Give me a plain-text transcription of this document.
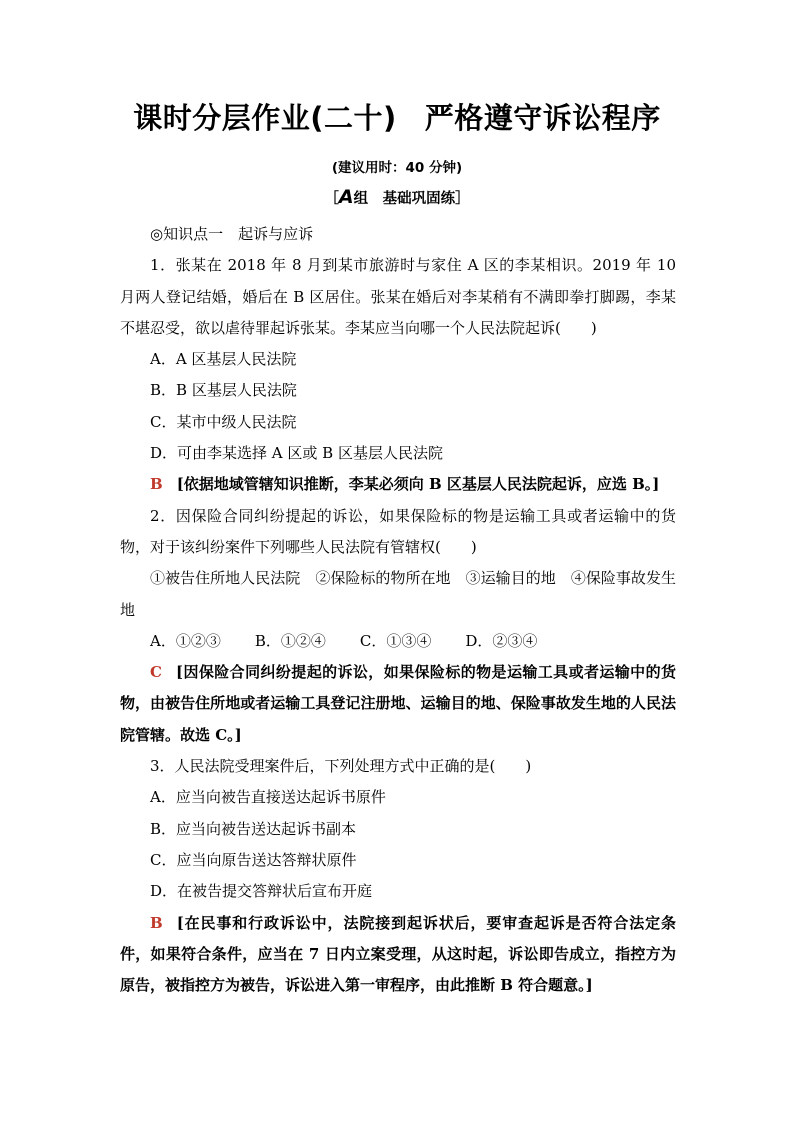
课时分层作业(二十) 严格遵守诉讼程序
(建议用时：40 分钟)
［A组　基础巩固练］

◎知识点一　起诉与应诉

1．张某在 2018 年 8 月到某市旅游时与家住 A 区的李某相识。2019 年 10 月两人登记结婚，婚后在 B 区居住。张某在婚后对李某稍有不满即拳打脚踢，李某不堪忍受，欲以虐待罪起诉张某。李某应当向哪一个人民法院起诉(　　)

A．A 区基层人民法院

B．B 区基层人民法院

C．某市中级人民法院

D．可由李某选择 A 区或 B 区基层人民法院

B [依据地域管辖知识推断，李某必须向 B 区基层人民法院起诉，应选 B。]

2．因保险合同纠纷提起的诉讼，如果保险标的物是运输工具或者运输中的货物，对于该纠纷案件下列哪些人民法院有管辖权(　　)

①被告住所地人民法院　②保险标的物所在地　③运输目的地　④保险事故发生地

A．①②③ B．①②④ C．①③④ D．②③④

C [因保险合同纠纷提起的诉讼，如果保险标的物是运输工具或者运输中的货物，由被告住所地或者运输工具登记注册地、运输目的地、保险事故发生地的人民法院管辖。故选 C。]

3．人民法院受理案件后，下列处理方式中正确的是(　　)

A．应当向被告直接送达起诉书原件

B．应当向被告送达起诉书副本

C．应当向原告送达答辩状原件

D．在被告提交答辩状后宣布开庭

B [在民事和行政诉讼中，法院接到起诉状后，要审查起诉是否符合法定条件，如果符合条件，应当在 7 日内立案受理，从这时起，诉讼即告成立，指控方为原告，被指控方为被告，诉讼进入第一审程序，由此推断 B 符合题意。]
